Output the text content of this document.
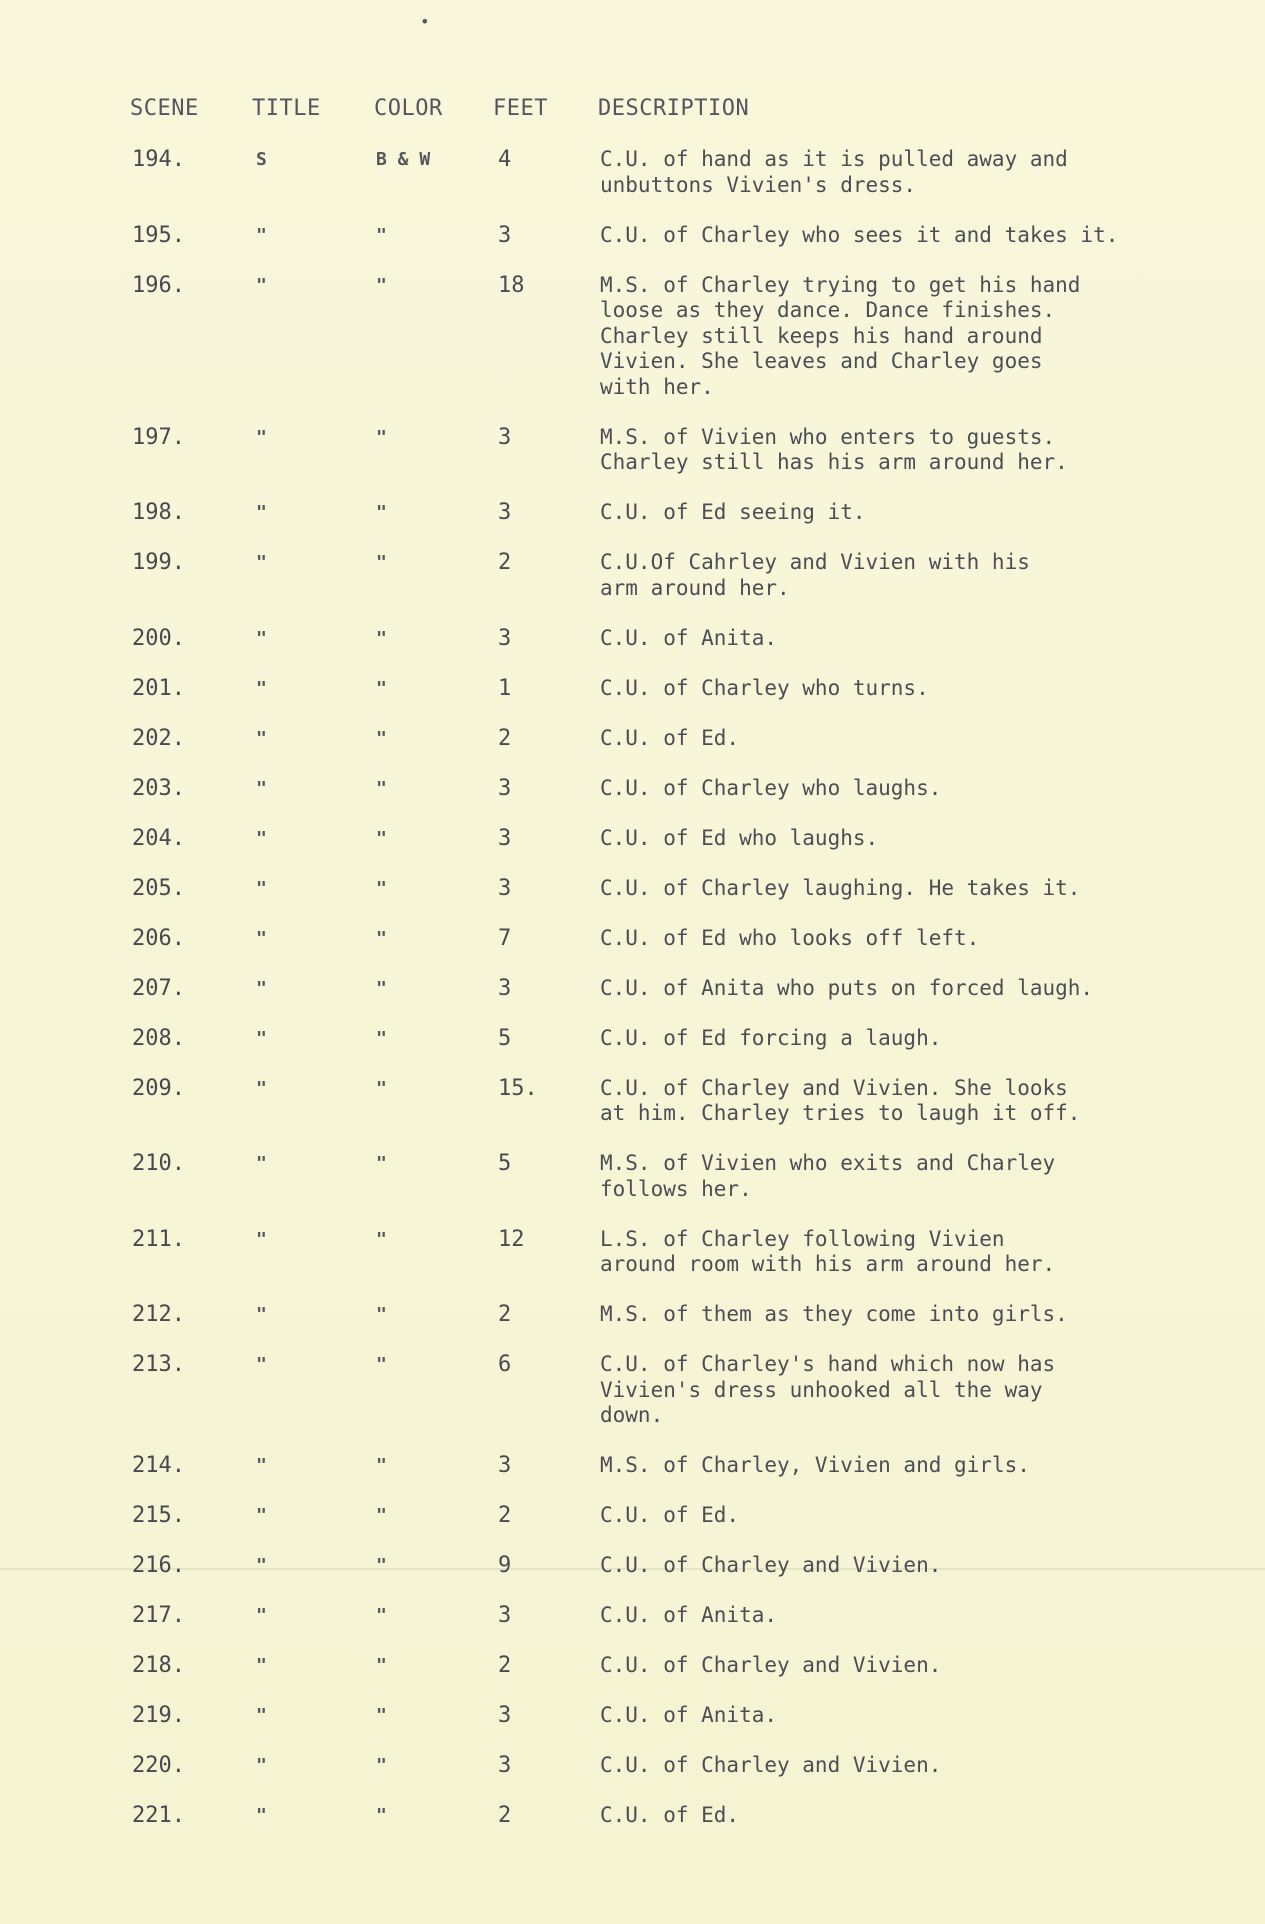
•
SCENE TITLE COLOR FEET DESCRIPTION
194.	S	B & W	4	C.U. of hand as it is pulled away and
unbuttons Vivien's dress.
195.	"	"	3	C.U. of Charley who sees it and takes it.
196.	"	"	18	M.S. of Charley trying to get his hand
loose as they dance. Dance finishes.
Charley still keeps his hand around
Vivien. She leaves and Charley goes
with her.
197.	"	"	3	M.S. of Vivien who enters to guests.
Charley still has his arm around her.
198.	"	"	3	C.U. of Ed seeing it.
199.	"	"	2	C.U.Of Cahrley and Vivien with his
arm around her.
200.	"	"	3	C.U. of Anita.
201.	"	"	1	C.U. of Charley who turns.
202.	"	"	2	C.U. of Ed.
203.	"	"	3	C.U. of Charley who laughs.
204.	"	"	3	C.U. of Ed who laughs.
205.	"	"	3	C.U. of Charley laughing. He takes it.
206.	"	"	7	C.U. of Ed who looks off left.
207.	"	"	3	C.U. of Anita who puts on forced laugh.
208.	"	"	5	C.U. of Ed forcing a laugh.
209.	"	"	15.	C.U. of Charley and Vivien. She looks
at him. Charley tries to laugh it off.
210.	"	"	5	M.S. of Vivien who exits and Charley
follows her.
211.	"	"	12	L.S. of Charley following Vivien
around room with his arm around her.
212.	"	"	2	M.S. of them as they come into girls.
213.	"	"	6	C.U. of Charley's hand which now has
Vivien's dress unhooked all the way
down.
214.	"	"	3	M.S. of Charley, Vivien and girls.
215.	"	"	2	C.U. of Ed.
216.	"	"	9	C.U. of Charley and Vivien.
217.	"	"	3	C.U. of Anita.
218.	"	"	2	C.U. of Charley and Vivien.
219.	"	"	3	C.U. of Anita.
220.	"	"	3	C.U. of Charley and Vivien.
221.	"	"	2	C.U. of Ed.
